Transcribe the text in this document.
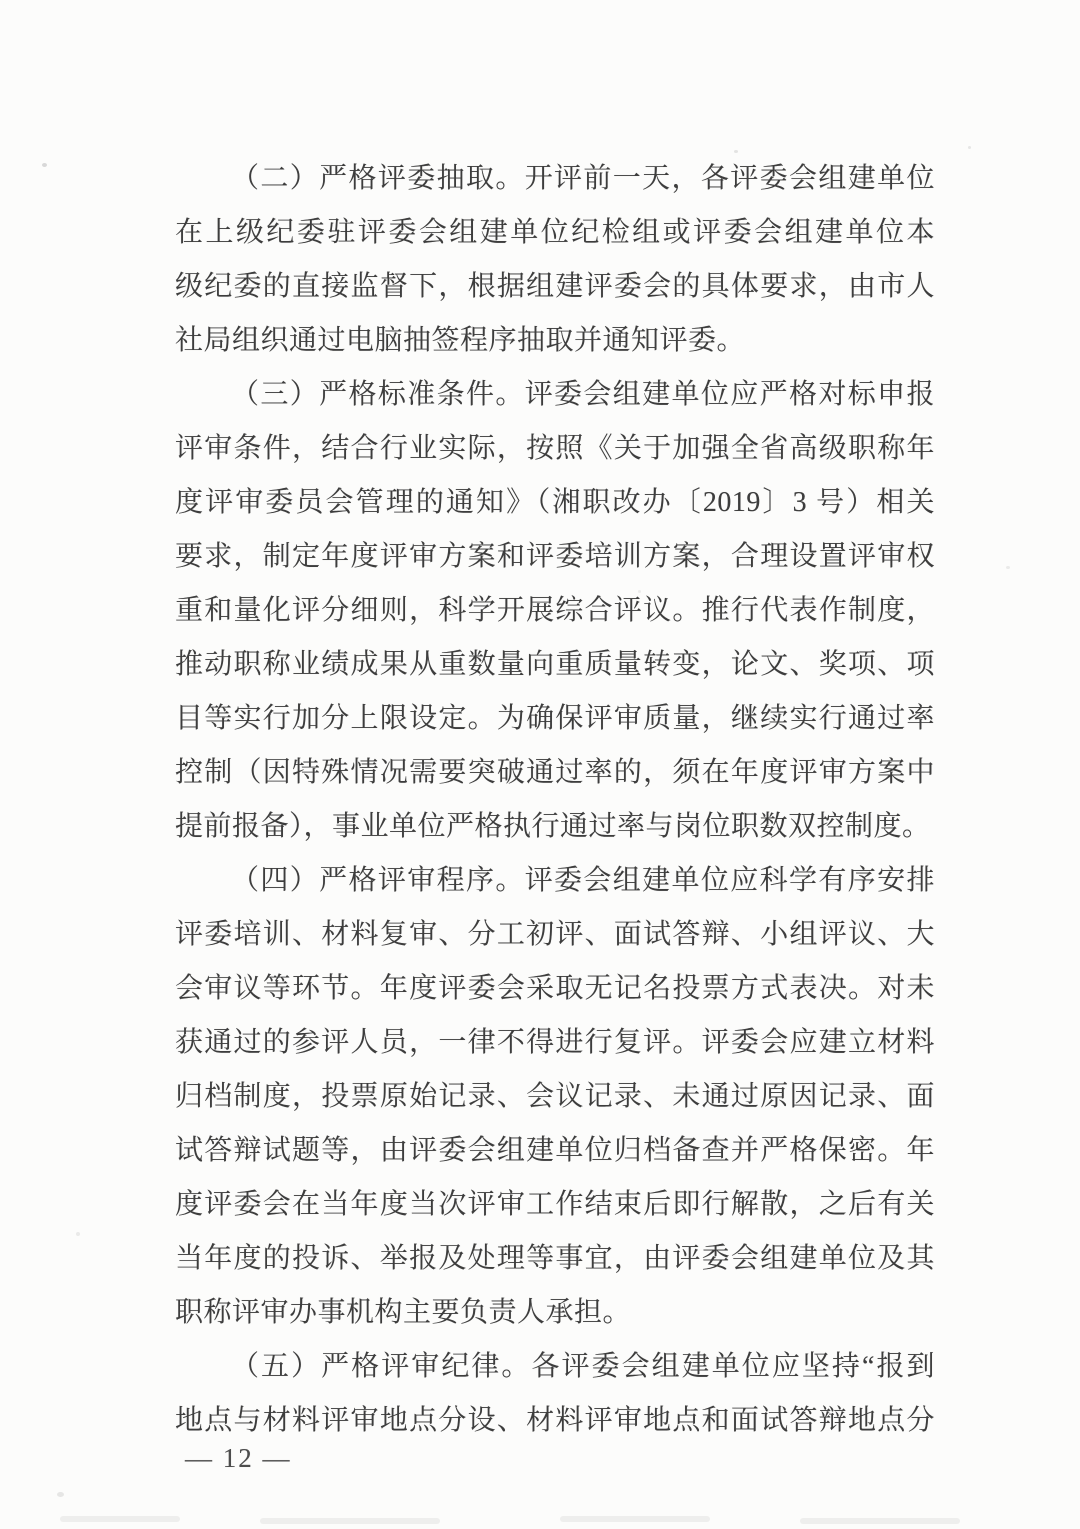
（二）严格评委抽取。开评前一天，各评委会组建单位
在上级纪委驻评委会组建单位纪检组或评委会组建单位本
级纪委的直接监督下，根据组建评委会的具体要求，由市人
社局组织通过电脑抽签程序抽取并通知评委。
（三）严格标准条件。评委会组建单位应严格对标申报
评审条件，结合行业实际，按照《关于加强全省高级职称年
度评审委员会管理的通知》（湘职改办〔2019〕3 号）相关
要求，制定年度评审方案和评委培训方案，合理设置评审权
重和量化评分细则，科学开展综合评议。推行代表作制度，
推动职称业绩成果从重数量向重质量转变，论文、奖项、项
目等实行加分上限设定。为确保评审质量，继续实行通过率
控制（因特殊情况需要突破通过率的，须在年度评审方案中
提前报备），事业单位严格执行通过率与岗位职数双控制度。
（四）严格评审程序。评委会组建单位应科学有序安排
评委培训、材料复审、分工初评、面试答辩、小组评议、大
会审议等环节。年度评委会采取无记名投票方式表决。对未
获通过的参评人员，一律不得进行复评。评委会应建立材料
归档制度，投票原始记录、会议记录、未通过原因记录、面
试答辩试题等，由评委会组建单位归档备查并严格保密。年
度评委会在当年度当次评审工作结束后即行解散，之后有关
当年度的投诉、举报及处理等事宜，由评委会组建单位及其
职称评审办事机构主要负责人承担。
（五）严格评审纪律。各评委会组建单位应坚持“报到
地点与材料评审地点分设、材料评审地点和面试答辩地点分
— 12 —
